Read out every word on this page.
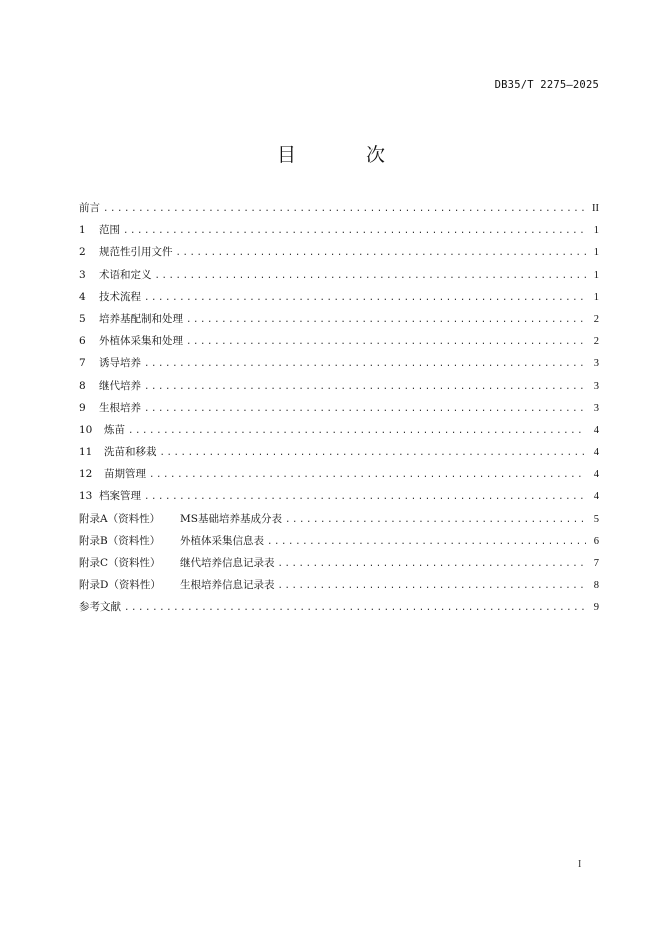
DB35/T 2275—2025
目 次
前言 .....	II
1 范围 .....	1
2 规范性引用文件 .....	1
3 术语和定义 .....	1
4 技术流程 .....	1
5 培养基配制和处理 .....	2
6 外植体采集和处理 .....	2
7 诱导培养 .....	3
8 继代培养 .....	3
9 生根培养 .....	3
10 炼苗 .....	4
11 洗苗和移栽 .....	4
12 苗期管理 .....	4
13 档案管理 .....	4
附录A（资料性） MS基础培养基成分表 .....	5
附录B（资料性） 外植体采集信息表 .....	6
附录C（资料性） 继代培养信息记录表 .....	7
附录D（资料性） 生根培养信息记录表 .....	8
参考文献 .....	9
I
